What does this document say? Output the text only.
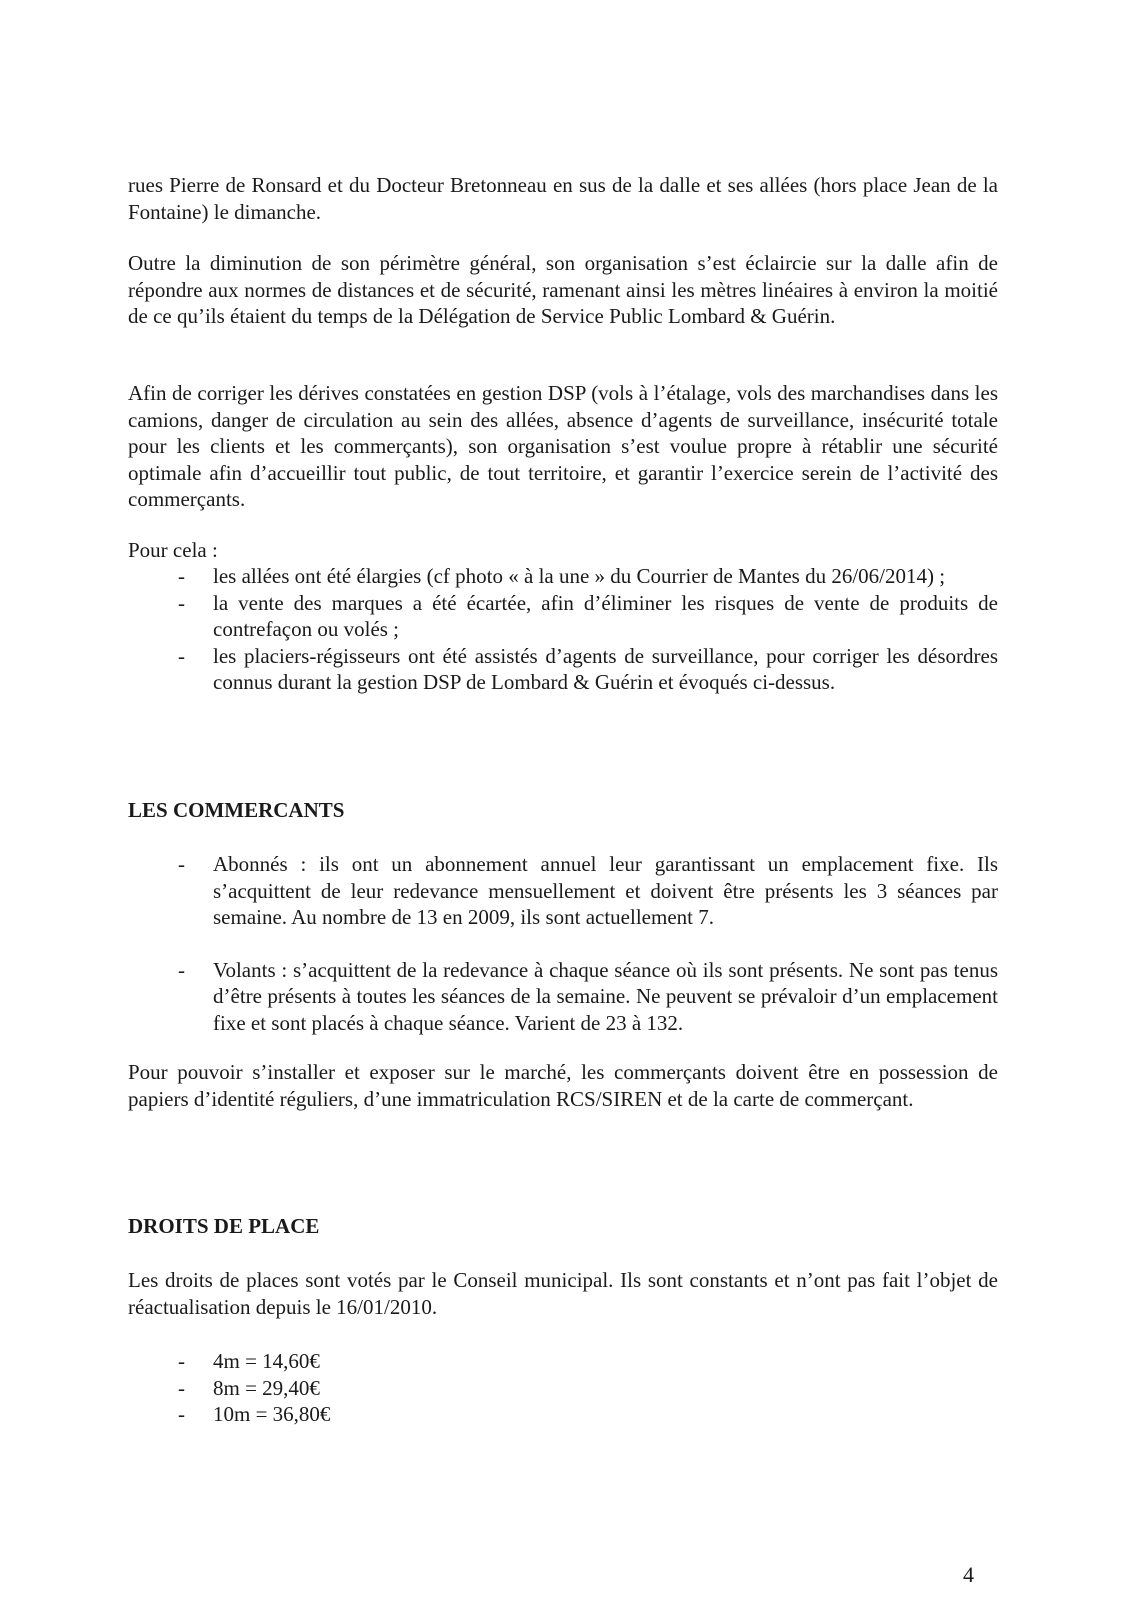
rues Pierre de Ronsard et du Docteur Bretonneau en sus de la dalle et ses allées (hors place Jean de la Fontaine) le dimanche.

Outre la diminution de son périmètre général, son organisation s’est éclaircie sur la dalle afin de répondre aux normes de distances et de sécurité, ramenant ainsi les mètres linéaires à environ la moitié de ce qu’ils étaient du temps de la Délégation de Service Public Lombard & Guérin.

Afin de corriger les dérives constatées en gestion DSP (vols à l’étalage, vols des marchandises dans les camions, danger de circulation au sein des allées, absence d’agents de surveillance, insécurité totale pour les clients et les commerçants), son organisation s’est voulue propre à rétablir une sécurité optimale afin d’accueillir tout public, de tout territoire, et garantir l’exercice serein de l’activité des commerçants.

Pour cela :

- les allées ont été élargies (cf photo « à la une » du Courrier de Mantes du 26/06/2014) ;
- la vente des marques a été écartée, afin d’éliminer les risques de vente de produits de contrefaçon ou volés ;
- les placiers-régisseurs ont été assistés d’agents de surveillance, pour corriger les désordres connus durant la gestion DSP de Lombard & Guérin et évoqués ci-dessus.
LES COMMERCANTS
- Abonnés : ils ont un abonnement annuel leur garantissant un emplacement fixe. Ils s’acquittent de leur redevance mensuellement et doivent être présents les 3 séances par semaine. Au nombre de 13 en 2009, ils sont actuellement 7.
- Volants : s’acquittent de la redevance à chaque séance où ils sont présents. Ne sont pas tenus d’être présents à toutes les séances de la semaine. Ne peuvent se prévaloir d’un emplacement fixe et sont placés à chaque séance. Varient de 23 à 132.

Pour pouvoir s’installer et exposer sur le marché, les commerçants doivent être en possession de papiers d’identité réguliers, d’une immatriculation RCS/SIREN et de la carte de commerçant.

DROITS DE PLACE

Les droits de places sont votés par le Conseil municipal. Ils sont constants et n’ont pas fait l’objet de réactualisation depuis le 16/01/2010.

- 4m = 14,60€
- 8m = 29,40€
- 10m = 36,80€
4
